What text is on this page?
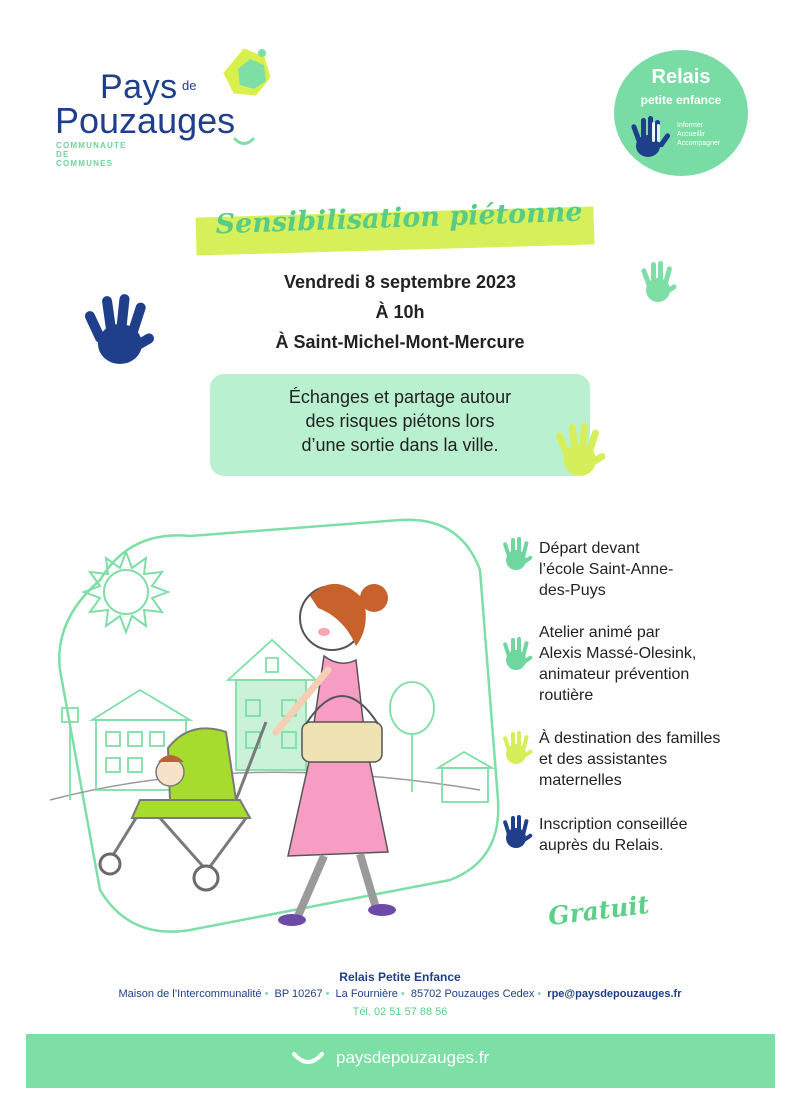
Pays de
Pouzauges
COMMUNAUTE DE COMMUNES
Relais
petite enfance
Informer
Accueillir
Accompagner
Sensibilisation piétonne
Vendredi 8 septembre 2023
À 10h
À Saint-Michel-Mont-Mercure
Échanges et partage autour
des risques piétons lors
d’une sortie dans la ville.
Départ devant
l’école Saint-Anne-
des-Puys
Atelier animé par
Alexis Massé-Olesink,
animateur prévention
routière
À destination des familles
et des assistantes
maternelles
Inscription conseillée
auprès du Relais.
Gratuit
Relais Petite Enfance
Maison de l’Intercommunalité • BP 10267 • La Fournière • 85702 Pouzauges Cedex • rpe@paysdepouzauges.fr
Tél. 02 51 57 88 56
paysdepouzauges.fr
